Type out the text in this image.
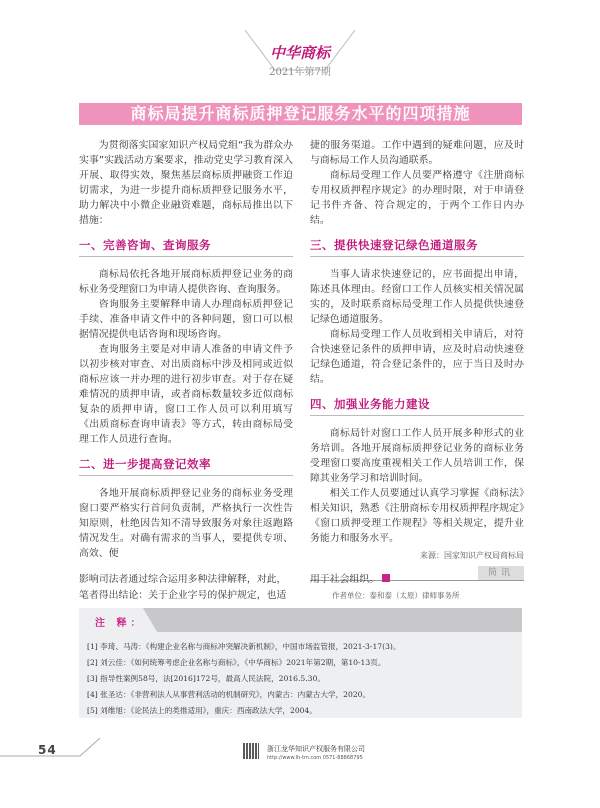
中华商标
2021年第7期
商标局提升商标质押登记服务水平的四项措施

为贯彻落实国家知识产权局党组“我为群众办实事”实践活动方案要求，推动党史学习教育深入开展、取得实效，聚焦基层商标质押融资工作迫切需求，为进一步提升商标质押登记服务水平，助力解决中小微企业融资难题，商标局推出以下措施：

一、完善咨询、查询服务

商标局依托各地开展商标质押登记业务的商标业务受理窗口为申请人提供咨询、查询服务。

咨询服务主要解释申请人办理商标质押登记手续、准备申请文件中的各种问题，窗口可以根据情况提供电话咨询和现场咨询。

查询服务主要是对申请人准备的申请文件予以初步核对审查、对出质商标中涉及相同或近似商标应该一并办理的进行初步审查。对于存在疑难情况的质押申请，或者商标数量较多近似商标复杂的质押申请，窗口工作人员可以利用填写《出质商标查询申请表》等方式，转由商标局受理工作人员进行查询。

二、进一步提高登记效率

各地开展商标质押登记业务的商标业务受理窗口要严格实行首问负责制，严格执行一次性告知原则，杜绝因告知不清导致服务对象往返跑路情况发生。对确有需求的当事人，要提供专项、高效、便

捷的服务渠道。工作中遇到的疑难问题，应及时与商标局工作人员沟通联系。

商标局受理工作人员要严格遵守《注册商标专用权质押程序规定》的办理时限，对于申请登记书件齐备、符合规定的，于两个工作日内办结。

三、提供快速登记绿色通道服务

当事人请求快速登记的，应书面提出申请，陈述具体理由。经窗口工作人员核实相关情况属实的，及时联系商标局受理工作人员提供快速登记绿色通道服务。

商标局受理工作人员收到相关申请后，对符合快速登记条件的质押申请，应及时启动快速登记绿色通道，符合登记条件的，应于当日及时办结。

四、加强业务能力建设

商标局针对窗口工作人员开展多种形式的业务培训。各地开展商标质押登记业务的商标业务受理窗口要高度重视相关工作人员培训工作，保障其业务学习和培训时间。

相关工作人员要通过认真学习掌握《商标法》相关知识，熟悉《注册商标专用权质押程序规定》《窗口质押受理工作规程》等相关规定，提升业务能力和服务水平。

来源：国家知识产权局商标局
简讯
影响司法者通过综合运用多种法律解释，对此，笔者得出结论：关于企业字号的保护规定，也适
用于社会组织。
作者单位：泰和泰（太原）律师事务所
注 释：
[1] 李琦、马涛：《构建企业名称与商标冲突解决新机制》，中国市场监管报，2021-3-17(3)。
[2] 刘云佳：《如何统筹考虑企业名称与商标》，《中华商标》2021年第2期，第10-13页。
[3] 指导性案例58号，法[2016]172号，最高人民法院，2016.5.30。
[4] 张圣达：《非营利法人从事营利活动的机制研究》，内蒙古：内蒙古大学，2020。
[5] 刘维旭：《论民法上的类推适用》，重庆：西南政法大学，2004。
54	浙江龙华知识产权服务有限公司
http://www.lh-tm.com 0571-88868795
